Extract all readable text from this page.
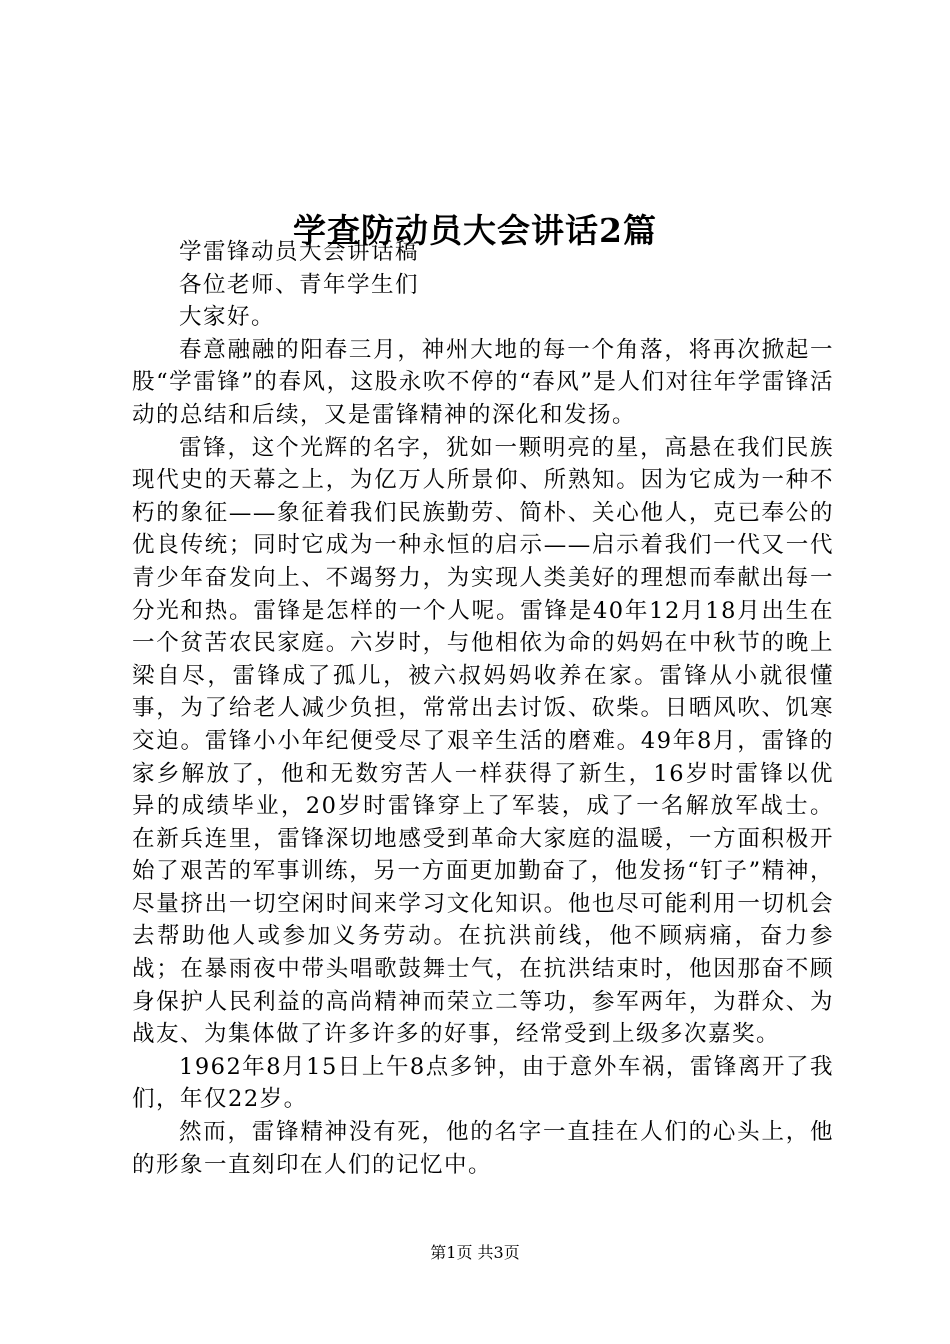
学查防动员大会讲话2篇

学雷锋动员大会讲话稿

各位老师、青年学生们

大家好。

春意融融的阳春三月，神州大地的每一个角落，将再次掀起一股“学雷锋”的春风，这股永吹不停的“春风”是人们对往年学雷锋活动的总结和后续，又是雷锋精神的深化和发扬。

雷锋，这个光辉的名字，犹如一颗明亮的星，高悬在我们民族现代史的天幕之上，为亿万人所景仰、所熟知。因为它成为一种不朽的象征——象征着我们民族勤劳、简朴、关心他人，克已奉公的优良传统；同时它成为一种永恒的启示——启示着我们一代又一代青少年奋发向上、不竭努力，为实现人类美好的理想而奉献出每一分光和热。雷锋是怎样的一个人呢。雷锋是40年12月18月出生在一个贫苦农民家庭。六岁时，与他相依为命的妈妈在中秋节的晚上梁自尽，雷锋成了孤儿，被六叔妈妈收养在家。雷锋从小就很懂事，为了给老人减少负担，常常出去讨饭、砍柴。日晒风吹、饥寒交迫。雷锋小小年纪便受尽了艰辛生活的磨难。49年8月，雷锋的家乡解放了，他和无数穷苦人一样获得了新生，16岁时雷锋以优异的成绩毕业，20岁时雷锋穿上了军装，成了一名解放军战士。在新兵连里，雷锋深切地感受到革命大家庭的温暖，一方面积极开始了艰苦的军事训练，另一方面更加勤奋了，他发扬“钉子”精神，尽量挤出一切空闲时间来学习文化知识。他也尽可能利用一切机会去帮助他人或参加义务劳动。在抗洪前线，他不顾病痛，奋力参战；在暴雨夜中带头唱歌鼓舞士气，在抗洪结束时，他因那奋不顾身保护人民利益的高尚精神而荣立二等功，参军两年，为群众、为战友、为集体做了许多许多的好事，经常受到上级多次嘉奖。

1962年8月15日上午8点多钟，由于意外车祸，雷锋离开了我们，年仅22岁。

然而，雷锋精神没有死，他的名字一直挂在人们的心头上，他的形象一直刻印在人们的记忆中。

第1页 共3页
